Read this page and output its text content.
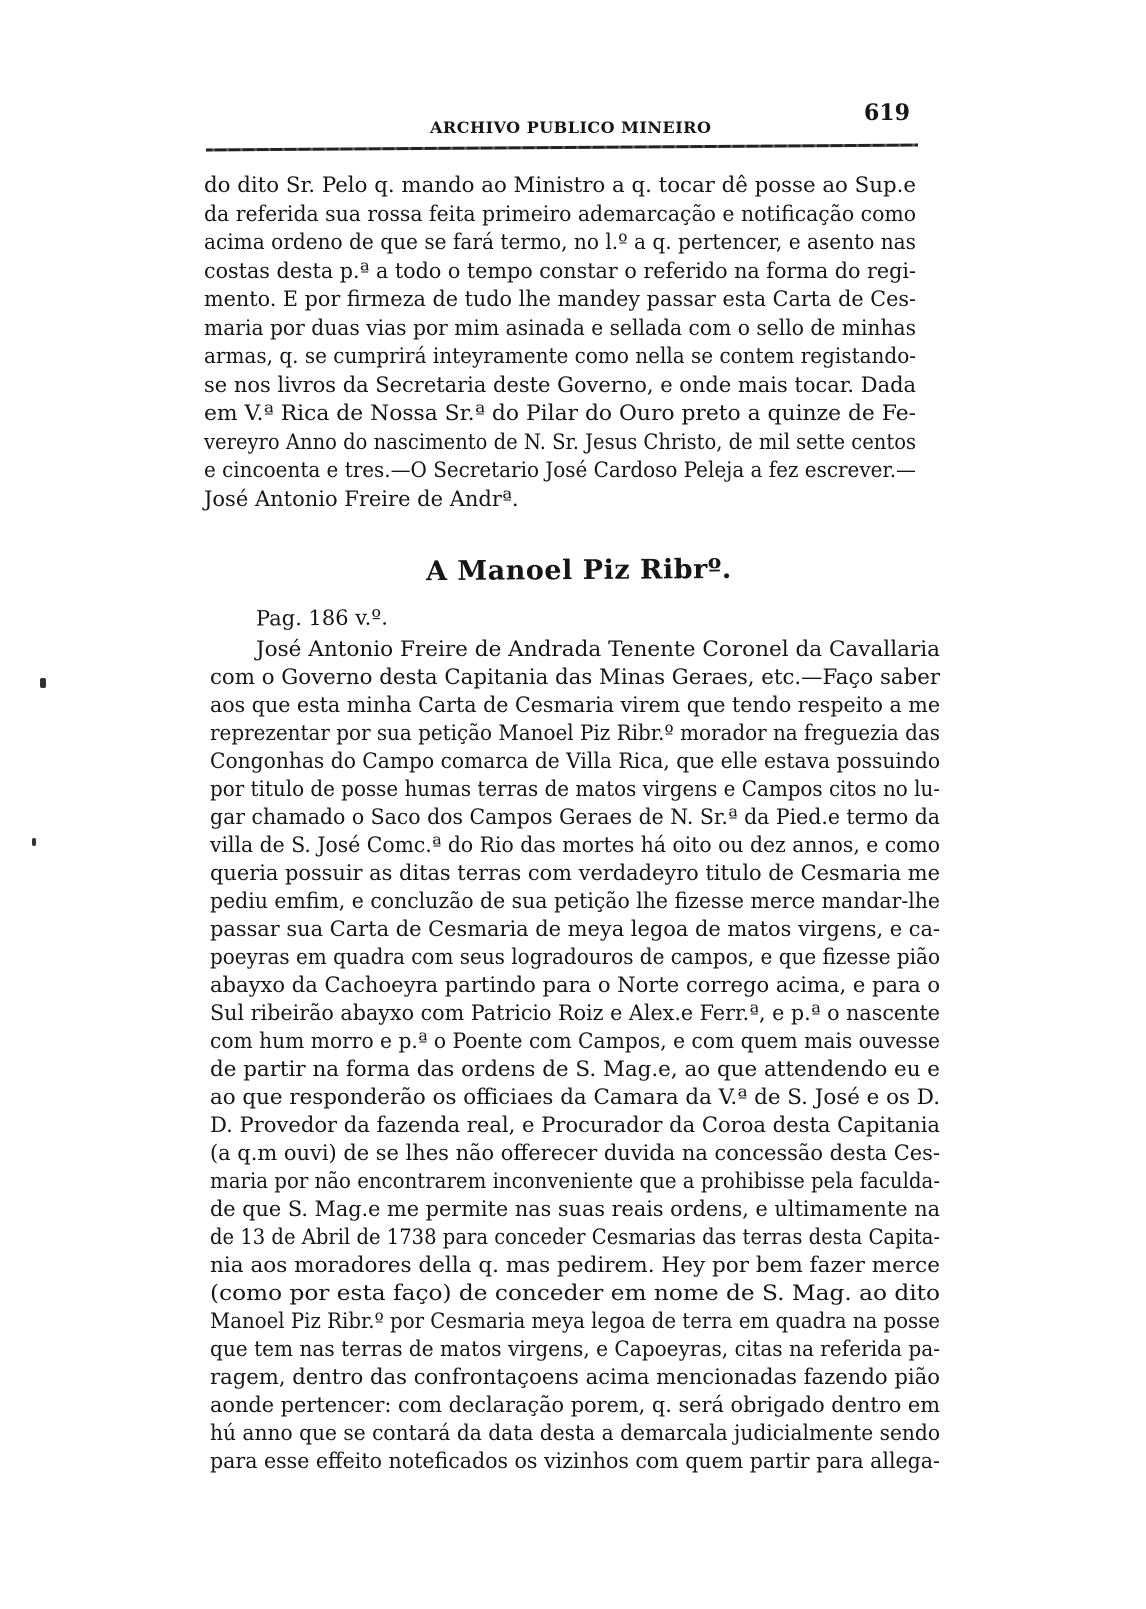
ARCHIVO PUBLICO MINEIRO
619
do dito Sr. Pelo q. mando ao Ministro a q. tocar dê posse ao Sup.e
da referida sua rossa feita primeiro ademarcação e notificação como
acima ordeno de que se fará termo, no l.º a q. pertencer, e asento nas
costas desta p.ª a todo o tempo constar o referido na forma do regi-
mento. E por firmeza de tudo lhe mandey passar esta Carta de Ces-
maria por duas vias por mim asinada e sellada com o sello de minhas
armas, q. se cumprirá inteyramente como nella se contem registando-
se nos livros da Secretaria deste Governo, e onde mais tocar. Dada
em V.ª Rica de Nossa Sr.ª do Pilar do Ouro preto a quinze de Fe-
vereyro Anno do nascimento de N. Sr. Jesus Christo, de mil sette centos
e cincoenta e tres.—O Secretario José Cardoso Peleja a fez escrever.—
José Antonio Freire de Andrª.
A Manoel Piz Ribrº.
Pag. 186 v.º.
José Antonio Freire de Andrada Tenente Coronel da Cavallaria
com o Governo desta Capitania das Minas Geraes, etc.—Faço saber
aos que esta minha Carta de Cesmaria virem que tendo respeito a me
reprezentar por sua petição Manoel Piz Ribr.º morador na freguezia das
Congonhas do Campo comarca de Villa Rica, que elle estava possuindo
por titulo de posse humas terras de matos virgens e Campos citos no lu-
gar chamado o Saco dos Campos Geraes de N. Sr.ª da Pied.e termo da
villa de S. José Comc.ª do Rio das mortes há oito ou dez annos, e como
queria possuir as ditas terras com verdadeyro titulo de Cesmaria me
pediu emfim, e concluzão de sua petição lhe fizesse merce mandar-lhe
passar sua Carta de Cesmaria de meya legoa de matos virgens, e ca-
poeyras em quadra com seus logradouros de campos, e que fizesse pião
abayxo da Cachoeyra partindo para o Norte corrego acima, e para o
Sul ribeirão abayxo com Patricio Roiz e Alex.e Ferr.ª, e p.ª o nascente
com hum morro e p.ª o Poente com Campos, e com quem mais ouvesse
de partir na forma das ordens de S. Mag.e, ao que attendendo eu e
ao que responderão os officiaes da Camara da V.ª de S. José e os D.
D. Provedor da fazenda real, e Procurador da Coroa desta Capitania
(a q.m ouvi) de se lhes não offerecer duvida na concessão desta Ces-
maria por não encontrarem inconveniente que a prohibisse pela faculda-
de que S. Mag.e me permite nas suas reais ordens, e ultimamente na
de 13 de Abril de 1738 para conceder Cesmarias das terras desta Capita-
nia aos moradores della q. mas pedirem. Hey por bem fazer merce
(como por esta faço) de conceder em nome de S. Mag. ao dito
Manoel Piz Ribr.º por Cesmaria meya legoa de terra em quadra na posse
que tem nas terras de matos virgens, e Capoeyras, citas na referida pa-
ragem, dentro das confrontaçoens acima mencionadas fazendo pião
aonde pertencer: com declaração porem, q. será obrigado dentro em
hú anno que se contará da data desta a demarcala judicialmente sendo
para esse effeito noteficados os vizinhos com quem partir para allega-
